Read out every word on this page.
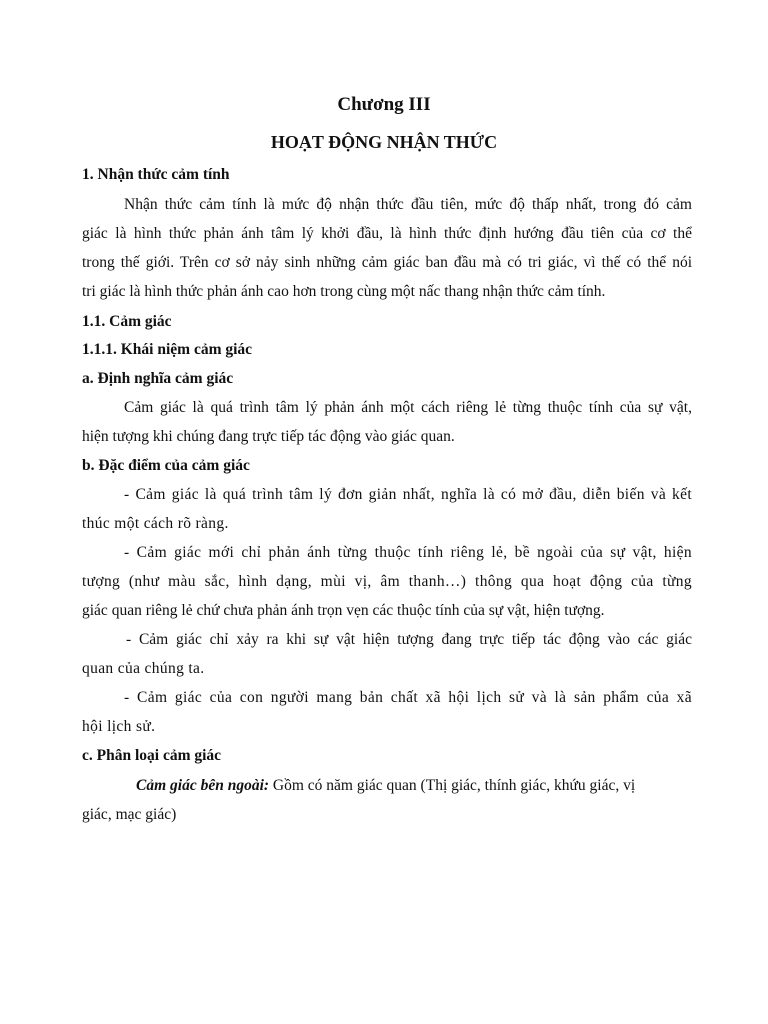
Chương III
HOẠT ĐỘNG NHẬN THỨC
1. Nhận thức cảm tính
Nhận thức cảm tính là mức độ nhận thức đầu tiên, mức độ thấp nhất, trong đó cảm
giác là hình thức phản ánh tâm lý khởi đầu, là hình thức định hướng đầu tiên của cơ thể
trong thế giới. Trên cơ sở nảy sinh những cảm giác ban đầu mà có tri giác, vì thế có thể nói
tri giác là hình thức phản ánh cao hơn trong cùng một nấc thang nhận thức cảm tính.
1.1. Cảm giác
1.1.1. Khái niệm cảm giác
a. Định nghĩa cảm giác
Cảm giác là quá trình tâm lý phản ánh một cách riêng lẻ từng thuộc tính của sự vật,
hiện tượng khi chúng đang trực tiếp tác động vào giác quan.
b. Đặc điểm của cảm giác
- Cảm giác là quá trình tâm lý đơn giản nhất, nghĩa là có mở đầu, diễn biến và kết
thúc một cách rõ ràng.
- Cảm giác mới chỉ phản ánh từng thuộc tính riêng lẻ, bề ngoài của sự vật, hiện
tượng (như màu sắc, hình dạng, mùi vị, âm thanh…) thông qua hoạt động của từng
giác quan riêng lẻ chứ chưa phản ánh trọn vẹn các thuộc tính của sự vật, hiện tượng.
- Cảm giác chỉ xảy ra khi sự vật hiện tượng đang trực tiếp tác động vào các giác
quan của chúng ta.
- Cảm giác của con người mang bản chất xã hội lịch sử và là sản phẩm của xã
hội lịch sử.
c. Phân loại cảm giác
Cảm giác bên ngoài: Gồm có năm giác quan (Thị giác, thính giác, khứu giác, vị
giác, mạc giác)
